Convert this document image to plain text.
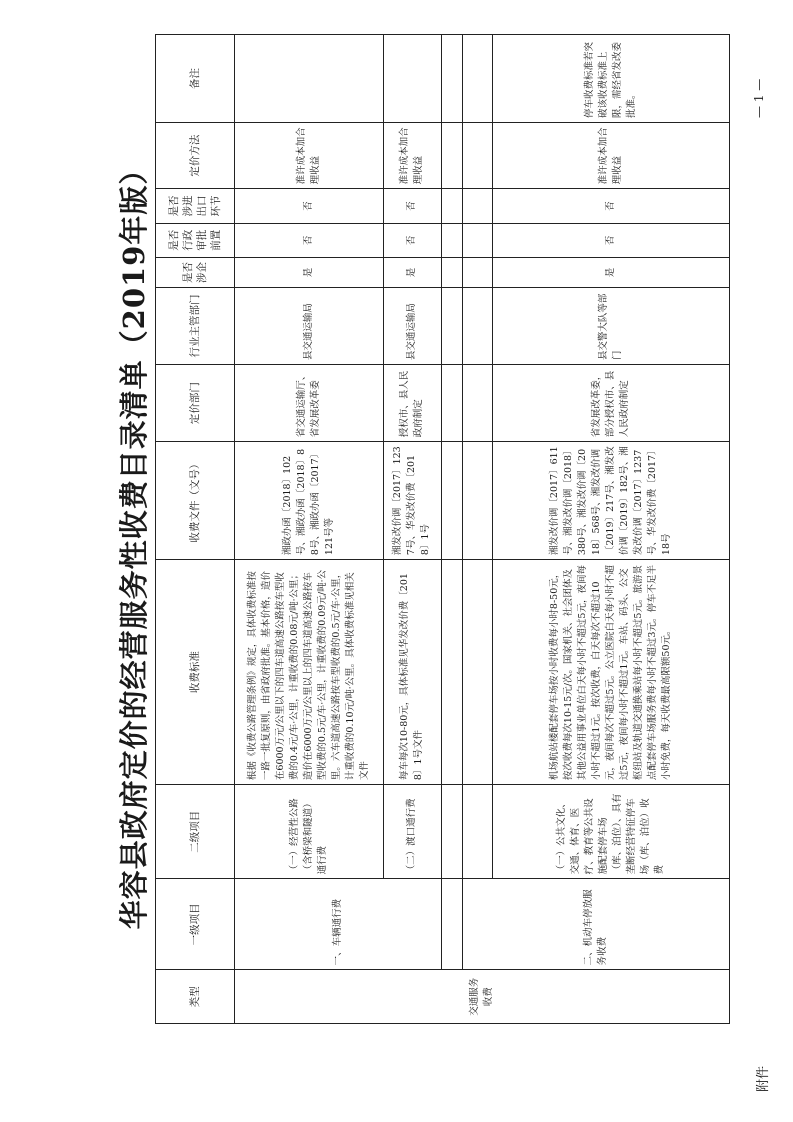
华容县政府定价的经营服务性收费目录清单（2019年版）
类型	一级项目	二级项目	收费标准	收费文件（文号）	定价部门	行业主管部门	是否涉企	是否行政审批前置	是否涉进出口环节	定价方法	备注
交通服务收费	一、车辆通行费	（一）经营性公路（含桥梁和隧道）通行费	根据《收费公路管理条例》规定，具体收费标准按一路一批复原则，由省政府批准。基本价格，造价在6000万元/公里以下的四车道高速公路按车型收费的0.4元/车·公里，计重收费的0.08元/吨·公里；造价在6000万元/公里以上的四车道高速公路按车型收费的0.5元/车·公里，计重收费的0.09元/吨·公里。六车道高速公路按车型收费的0.5元/车·公里，计重收费的0.10元/吨·公里。具体收费标准见相关文件	湘政办函〔2018〕102号、湘政办函〔2018〕88号、湘政办函〔2017〕121号等	省交通运输厅、省发展改革委	县交通运输局	是	否	否	准许成本加合理收益	
		（二）渡口通行费	每车每次10-80元，具体标准见华发改价费〔2018〕1号文件	湘发改价调〔2017〕1237号、华发改价费〔2018〕1号	授权市、县人民政府制定	县交通运输局	是	否	否	准许成本加合理收益	

	二、机动车停放服务收费										
		（一）公共文化、交通、体育、医疗、教育等公共设施配套停车场（库、泊位）、具有垄断经营特征停车场（库、泊位）收费	机场航站楼配套停车场按小时收费每小时8-50元，按次收费每次10-15元/次。国家机关、社会团体及其他公益用事业单位白天每小时不超过5元，夜间每小时不超过1元。按次收费，白天每次不超过10元，夜间每次不超过5元。公立医院白天每小时不超过5元，夜间每小时不超过1元。车站、码头、公交枢纽站及轨道交通换乘站每小时不超过5元。旅游景点配套停车场服务费每小时不超过3元。停车不足半小时免费，每天收费最高限额50元。	湘发改价调〔2017〕611号、湘发改价调〔2018〕380号、湘发改价调〔2018〕568号、湘发改价调〔2019〕217号、湘发改价调〔2019〕182号、湘发改价调〔2017〕1237号、华发改价费〔2017〕18号	省发展改革委，部分授权市、县人民政府制定	县交警大队等部门	是	否	否	准许成本加合理收益	停车收费标准若突破该收费标准上限，需经省发改委批准。
附件
— 1 —
